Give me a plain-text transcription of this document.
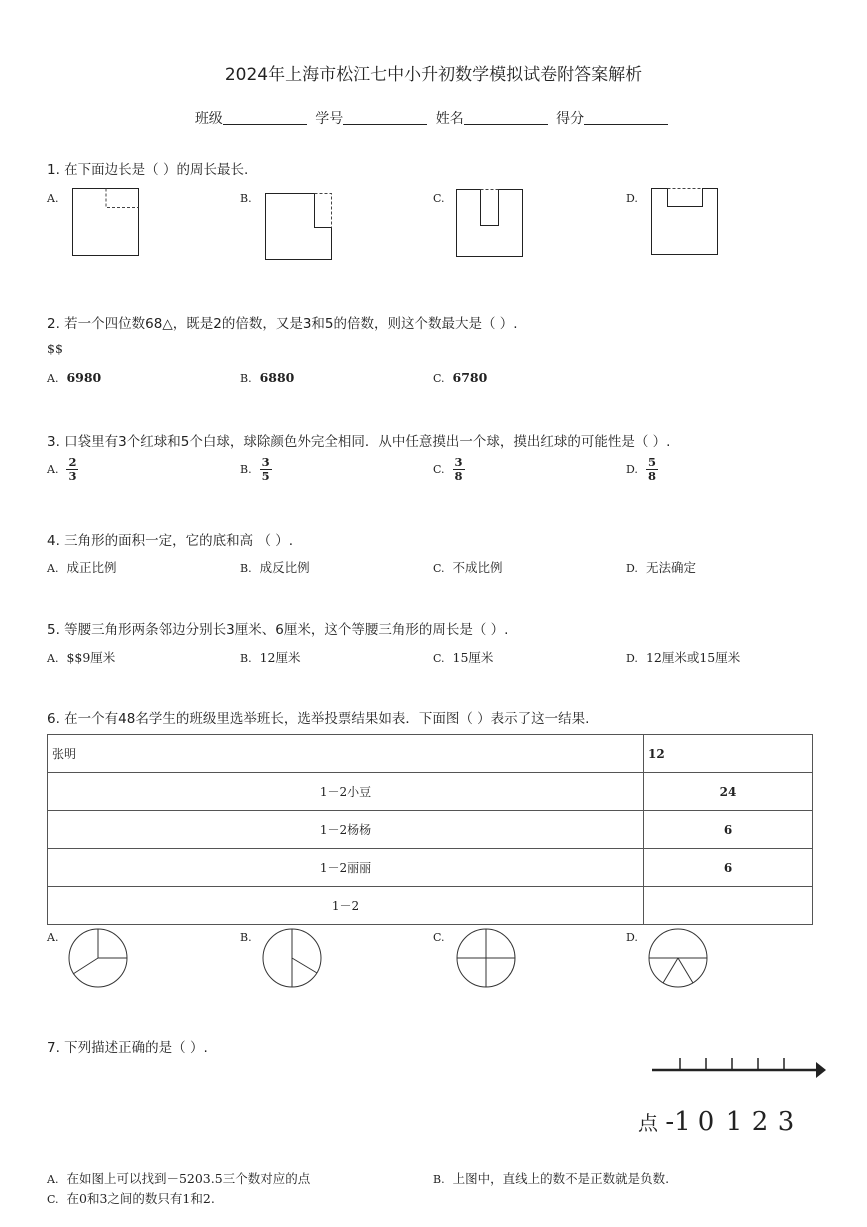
2024年上海市松江七中小升初数学模拟试卷附答案解析
班级	学号	姓名	得分
1. 在下面边长是（ ）的周长最长.
A.	B.	C.	D.
2. 若一个四位数68△，既是2的倍数，又是3和5的倍数，则这个数最大是（ ）.
$$
A. 6980	B. 6880	C. 6780
3. 口袋里有3个红球和5个白球，球除颜色外完全相同．从中任意摸出一个球，摸出红球的可能性是（ ）.
A. $\frac{2}{3}$	B. $\frac{3}{5}$	C. $\frac{3}{8}$	D. $\frac{5}{8}$
4. 三角形的面积一定，它的底和高 （ ）.
A. 成正比例	B. 成反比例	C. 不成比例	D. 无法确定
5. 等腰三角形两条邻边分别长3厘米、6厘米，这个等腰三角形的周长是（ ）.
A. $$9厘米	B. 12厘米	C. 15厘米	D. 12厘米或15厘米
6. 在一个有48名学生的班级里选举班长，选举投票结果如表．下面图（ ）表示了这一结果.
张明	12
1－2小豆	24
1－2杨杨	6
1－2丽丽	6
1－2	
A.	B.	C.	D.
7. 下列描述正确的是（ ）.
点 -1 0 1 2 3
A. 在如图上可以找到－5203.5三个数对应的点	B. 上图中，直线上的数不是正数就是负数.
C. 在0和3之间的数只有1和2.
